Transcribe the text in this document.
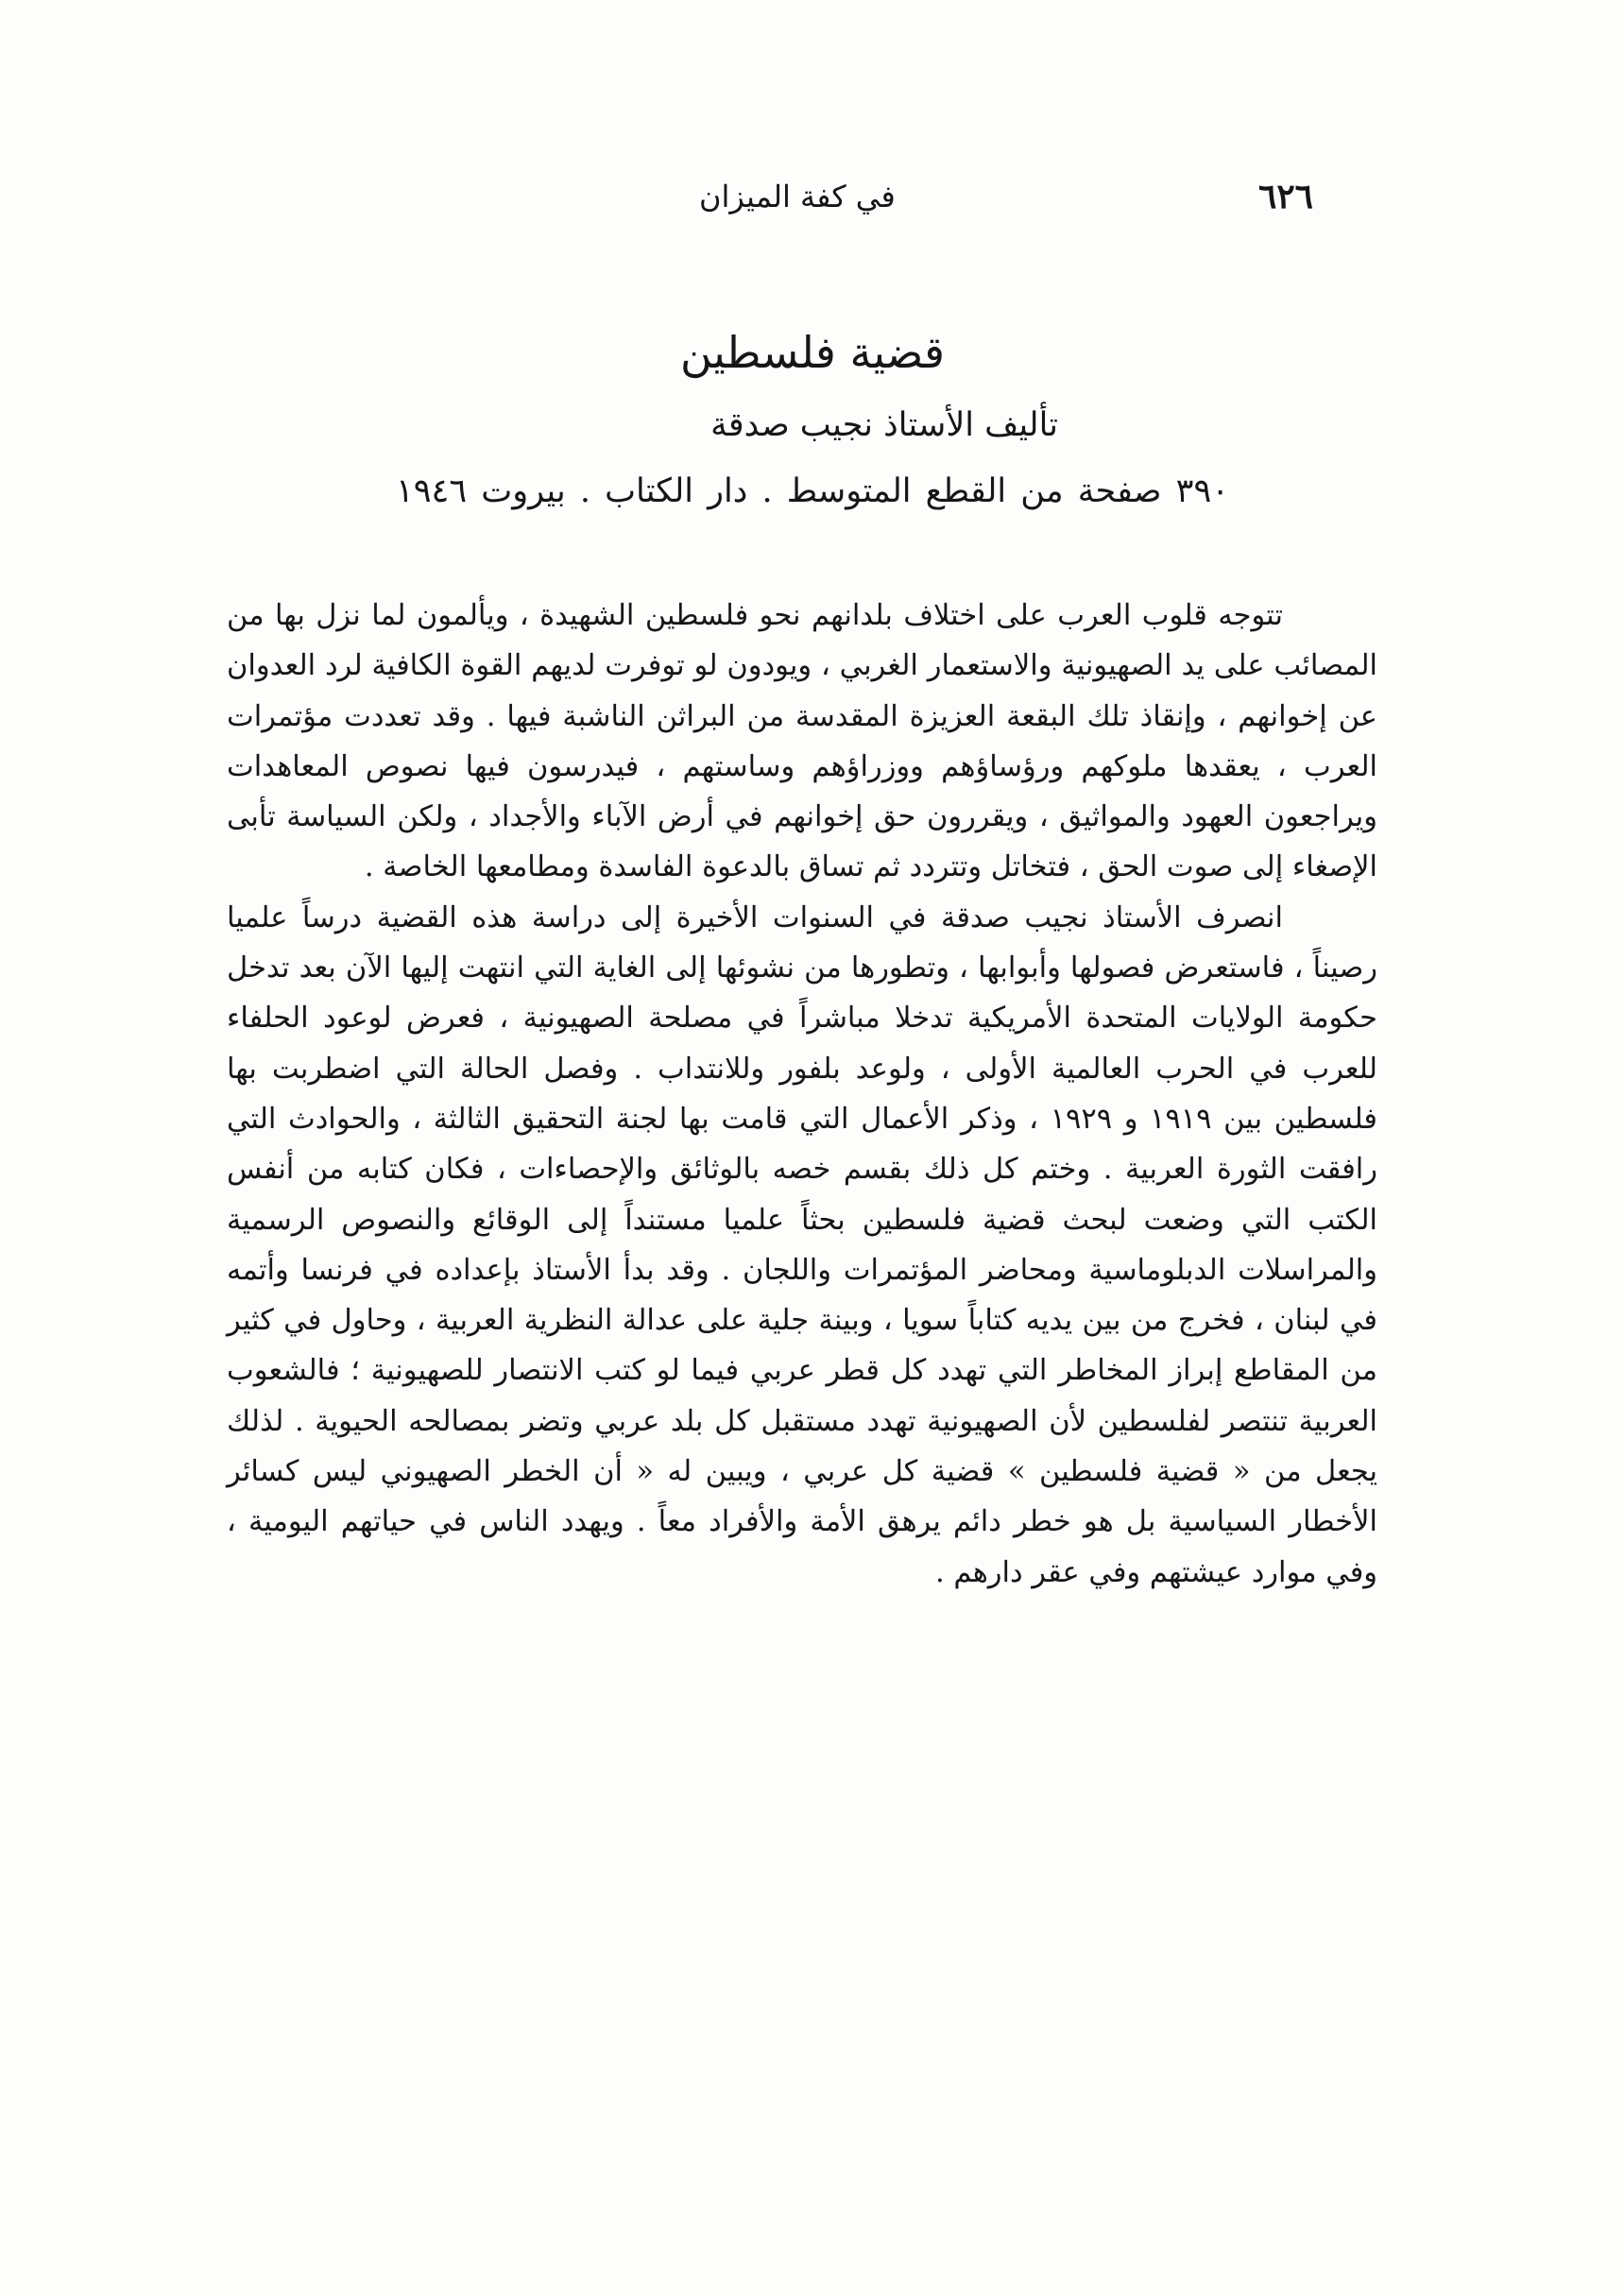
٦٢٦
في كفة الميزان
قضية فلسطين
تأليف الأستاذ نجيب صدقة
٣٩٠ صفحة من القطع المتوسط . دار الكتاب . بيروت ١٩٤٦

تتوجه قلوب العرب على اختلاف بلدانهم نحو فلسطين الشهيدة ، ويألمون لما نزل بها من المصائب على يد الصهيونية والاستعمار الغربي ، ويودون لو توفرت لديهم القوة الكافية لرد العدوان عن إخوانهم ، وإنقاذ تلك البقعة العزيزة المقدسة من البراثن الناشبة فيها . وقد تعددت مؤتمرات العرب ، يعقدها ملوكهم ورؤساؤهم ووزراؤهم وساستهم ، فيدرسون فيها نصوص المعاهدات ويراجعون العهود والمواثيق ، ويقررون حق إخوانهم في أرض الآباء والأجداد ، ولكن السياسة تأبى الإصغاء إلى صوت الحق ، فتخاتل وتتردد ثم تساق بالدعوة الفاسدة ومطامعها الخاصة .

انصرف الأستاذ نجيب صدقة في السنوات الأخيرة إلى دراسة هذه القضية درساً علميا رصيناً ، فاستعرض فصولها وأبوابها ، وتطورها من نشوئها إلى الغاية التي انتهت إليها الآن بعد تدخل حكومة الولايات المتحدة الأمريكية تدخلا مباشراً في مصلحة الصهيونية ، فعرض لوعود الحلفاء للعرب في الحرب العالمية الأولى ، ولوعد بلفور وللانتداب . وفصل الحالة التي اضطربت بها فلسطين بين ١٩١٩ و ١٩٢٩ ، وذكر الأعمال التي قامت بها لجنة التحقيق الثالثة ، والحوادث التي رافقت الثورة العربية . وختم كل ذلك بقسم خصه بالوثائق والإحصاءات ، فكان كتابه من أنفس الكتب التي وضعت لبحث قضية فلسطين بحثاً علميا مستنداً إلى الوقائع والنصوص الرسمية والمراسلات الدبلوماسية ومحاضر المؤتمرات واللجان . وقد بدأ الأستاذ بإعداده في فرنسا وأتمه في لبنان ، فخرج من بين يديه كتاباً سويا ، وبينة جلية على عدالة النظرية العربية ، وحاول في كثير من المقاطع إبراز المخاطر التي تهدد كل قطر عربي فيما لو كتب الانتصار للصهيونية ؛ فالشعوب العربية تنتصر لفلسطين لأن الصهيونية تهدد مستقبل كل بلد عربي وتضر بمصالحه الحيوية . لذلك يجعل من « قضية فلسطين » قضية كل عربي ، ويبين له « أن الخطر الصهيوني ليس كسائر الأخطار السياسية بل هو خطر دائم يرهق الأمة والأفراد معاً . ويهدد الناس في حياتهم اليومية ، وفي موارد عيشتهم وفي عقر دارهم .
